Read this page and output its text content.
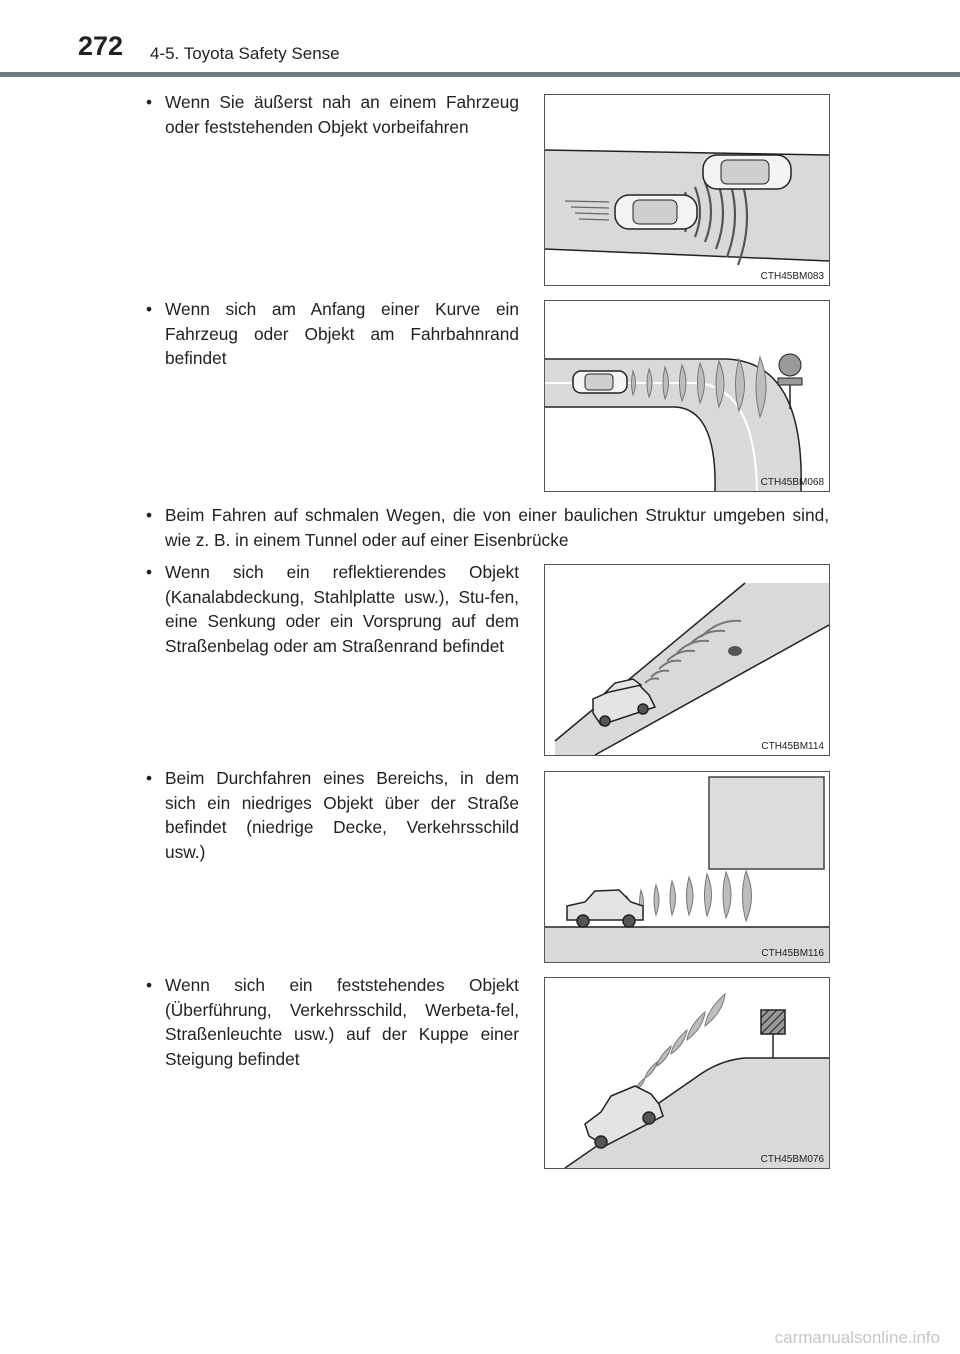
272 4-5. Toyota Safety Sense
• Wenn Sie äußerst nah an einem Fahrzeug oder feststehenden Objekt vorbeifahren
• Wenn sich am Anfang einer Kurve ein Fahrzeug oder Objekt am Fahrbahnrand befindet
• Beim Fahren auf schmalen Wegen, die von einer baulichen Struktur umgeben sind, wie z. B. in einem Tunnel oder auf einer Eisenbrücke
• Wenn sich ein reflektierendes Objekt (Kanalabdeckung, Stahlplatte usw.), Stu-fen, eine Senkung oder ein Vorsprung auf dem Straßenbelag oder am Straßenrand befindet
• Beim Durchfahren eines Bereichs, in dem sich ein niedriges Objekt über der Straße befindet (niedrige Decke, Verkehrsschild usw.)
• Wenn sich ein feststehendes Objekt (Überführung, Verkehrsschild, Werbeta-fel, Straßenleuchte usw.) auf der Kuppe einer Steigung befindet
CTH45BM083
CTH45BM068
CTH45BM114
CTH45BM116
CTH45BM076
carmanualsonline.info
